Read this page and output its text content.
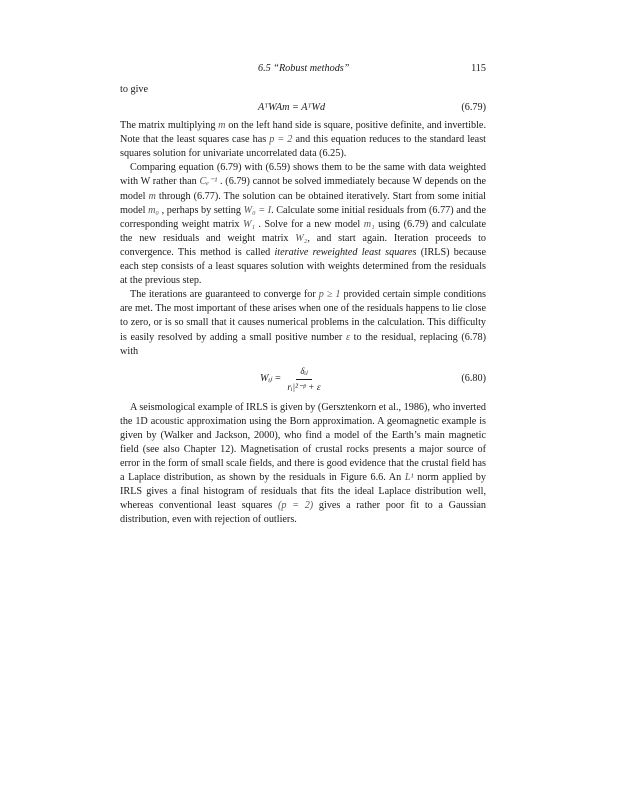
6.5 “Robust methods”	115

to give

AᵀWAm = AᵀWd	(6.79)

The matrix multiplying m on the left hand side is square, positive definite, and invertible. Note that the least squares case has p = 2 and this equation reduces to the standard least squares solution for univariate uncorrelated data (6.25).

Comparing equation (6.79) with (6.59) shows them to be the same with data weighted with W rather than Cₑ⁻¹ . (6.79) cannot be solved immediately because W depends on the model m through (6.77). The solution can be obtained iteratively. Start from some initial model m₀ , perhaps by setting W₀ = I. Calculate some initial residuals from (6.77) and the corresponding weight matrix W₁ . Solve for a new model m₁ using (6.79) and calculate the new residuals and weight matrix W₂, and start again. Iteration proceeds to convergence. This method is called iterative reweighted least squares (IRLS) because each step consists of a least squares solution with weights determined from the residuals at the previous step.

The iterations are guaranteed to converge for p ≥ 1 provided certain simple conditions are met. The most important of these arises when one of the residuals happens to lie close to zero, or is so small that it causes numerical problems in the calculation. This difficulty is easily resolved by adding a small positive number ε to the residual, replacing (6.78) with

Wᵢⱼ = $\frac{\text{δᵢⱼ}}{\text{rᵢ|²⁻ᵖ + ε}}$	(6.80)

A seismological example of IRLS is given by (Gersztenkorn et al., 1986), who inverted the 1D acoustic approximation using the Born approximation. A geomagnetic example is given by (Walker and Jackson, 2000), who find a model of the Earth’s main magnetic field (see also Chapter 12). Magnetisation of crustal rocks presents a major source of error in the form of small scale fields, and there is good evidence that the crustal field has a Laplace distribution, as shown by the residuals in Figure 6.6. An L¹ norm applied by IRLS gives a final histogram of residuals that fits the ideal Laplace distribution well, whereas conventional least squares (p = 2) gives a rather poor fit to a Gaussian distribution, even with rejection of outliers.
